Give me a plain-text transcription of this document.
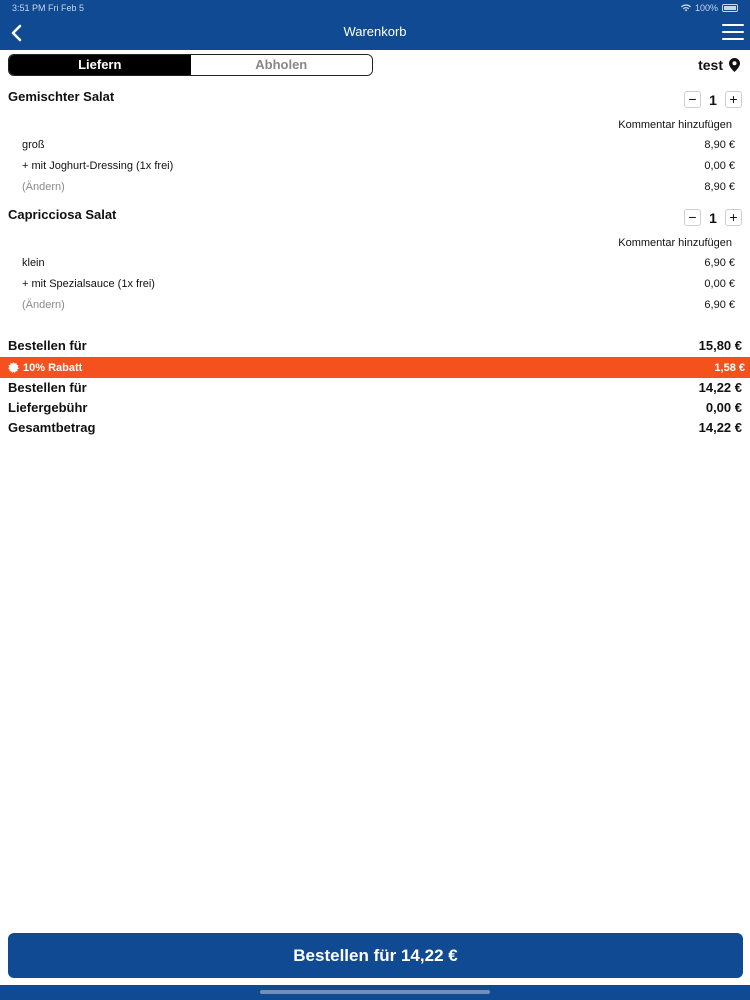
3:51 PM Fri Feb 5	100%
Warenkorb
Liefern	Abholen	test
Gemischter Salat	− 1 +
Kommentar hinzufügen
groß	8,90 €
+ mit Joghurt-Dressing (1x frei)	0,00 €
(Ändern)	8,90 €
Capricciosa Salat	− 1 +
Kommentar hinzufügen
klein	6,90 €
+ mit Spezialsauce (1x frei)	0,00 €
(Ändern)	6,90 €
Bestellen für	15,80 €
10% Rabatt	1,58 €
Bestellen für	14,22 €
Liefergebühr	0,00 €
Gesamtbetrag	14,22 €
Bestellen für 14,22 €
